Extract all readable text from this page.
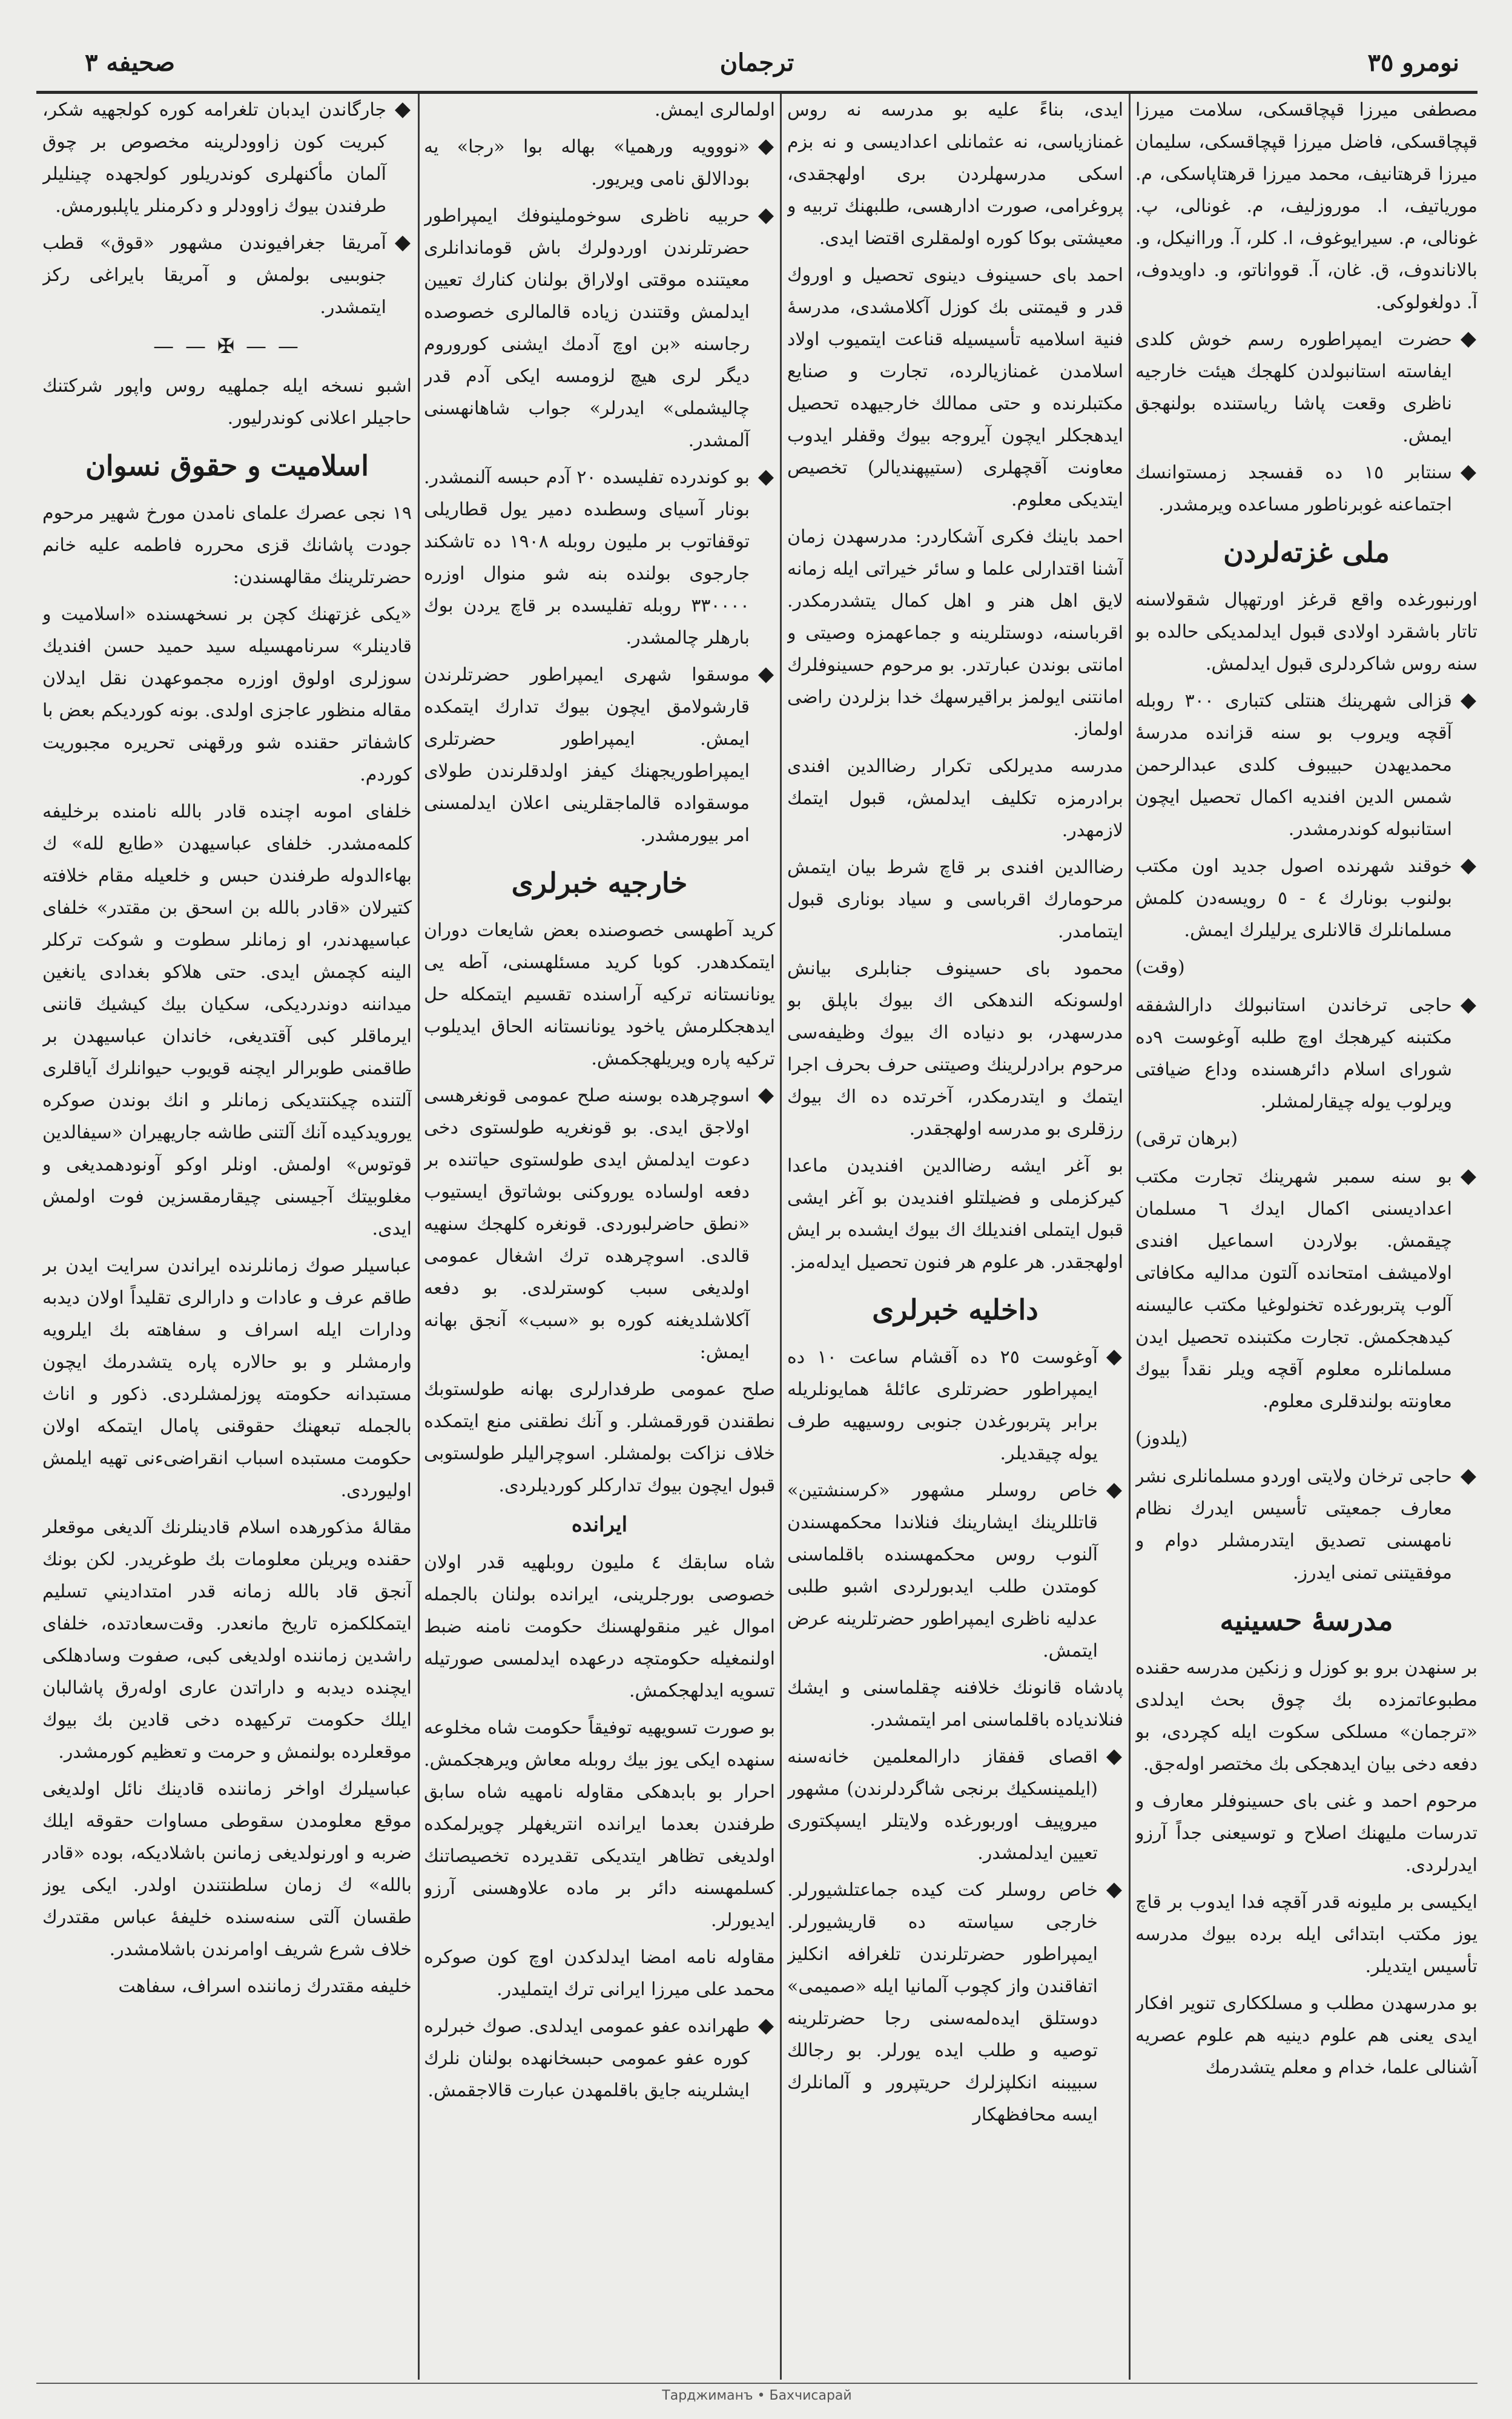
نومرو ٣٥
ترجمان
صحيفه ٣

مصطفى ميرزا قپچاقسكى، سلامت ميرزا قپچاقسكى، فاضل ميرزا قپچاقسكى، سليمان ميرزا قرهتانيف، محمد ميرزا قرهتاپاسكى، م. مورياتيف، ا. موروزليف، م. غونالى، پ. غونالى، م. سيرايوغوف، ا. كلر، آ. وراانيكل، و. بالاناندوف، ق. غان، آ. قوواناتو، و. داويدوف، آ. دولغولوكى.

◆
حضرت ايمپراطوره رسم خوش كلدى ايفاسته استانبولدن كلهجك هيئت خارجيه ناظرى وقعت پاشا رياستنده بولنهجق ايمش.

◆
سنتابر ١٥ ده قفسجد زمستوانسك اجتماعنه غوبرناطور مساعده ويرمشدر.

ملى غزتەلردن

اورنبورغده واقع قرغز اورتهپال شقولاسنه تاتار باشقرد اولادى قبول ايدلمديكى حالده بو سنه روس شاكردلرى قبول ايدلمش.

◆
قزالى شهرينك هنتلى كتبارى ٣٠٠ روبله آقچه ويروب بو سنه قزانده مدرسهٔ محمديهدن حبيبوف كلدى عبدالرحمن شمس الدين افنديه اكمال تحصيل ايچون استانبوله كوندرمشدر.

◆
خوقند شهرنده اصول جديد اون مكتب بولنوب بونارك ٤ - ٥ رويسەدن كلمش مسلمانلرك قالانلرى يرليلرك ايمش.

(وقت)

◆
حاجى ترخاندن استانبولك دارالشفقه مكتبنه كيرهجك اوچ طلبه آوغوست ٩ده شوراى اسلام دائرهسنده وداع ضيافتى ويرلوب يوله چيقارلمشلر.

(برهان ترقى)

◆
بو سنه سمبر شهرينك تجارت مكتب اعداديسنى اكمال ايدك ٦ مسلمان چيقمش. بولاردن اسماعيل افندى اولاميشف امتحانده آلتون مداليه مكافاتى آلوب پتربورغده تخنولوغيا مكتب عاليسنه كيدهجكمش. تجارت مكتبنده تحصيل ايدن مسلمانلره معلوم آقچه ويلر نقداً بيوك معاونته بولندقلرى معلوم.

(يلدوز)

◆
حاجى ترخان ولايتى اوردو مسلمانلرى نشر معارف جمعيتى تأسيس ايدرك نظام نامهسنى تصديق ايتدرمشلر دوام و موفقيتنى تمنى ايدرز.

مدرسهٔ حسينيه

بر سنهدن برو بو كوزل و زنكين مدرسه حقنده مطبوعاتمزده بك چوق بحث ايدلدى «ترجمان» مسلكى سكوت ايله كچردى، بو دفعه دخى بيان ايدهجكى بك مختصر اوله‌جق.

مرحوم احمد و غنى باى حسينوفلر معارف و تدرسات مليهنك اصلاح و توسيعنى جداً آرزو ايدرلردى.

ايكيسى بر مليونه قدر آقچه فدا ايدوب بر قاچ يوز مكتب ابتدائى ايله برده بيوك مدرسه تأسيس ايتديلر.

بو مدرسهدن مطلب و مسلككارى تنوير افكار ايدى يعنى هم علوم دينيه هم علوم عصريه آشنالى علما، خدام و معلم يتشدرمك

ايدى، بناءً عليه بو مدرسه نه روس غمنازياسى، نه عثمانلى اعداديسى و نه بزم اسكى مدرسهلردن برى اولهجقدى، پروغرامى، صورت ادارهسى، طلبهنك تربيه و معيشتى بوكا كوره اولمقلرى اقتضا ايدى.

احمد باى حسينوف دينوى تحصيل و اوروك قدر و قيمتنى بك كوزل آكلامشدى، مدرسهٔ فنية اسلاميه تأسيسيله قناعت ايتميوب اولاد اسلامدن غمنازيالرده، تجارت و صنايع مكتبلرنده و حتى ممالك خارجيهده تحصيل ايدهجكلر ايچون آيروجه بيوك وقفلر ايدوب معاونت آقچهلرى (ستيپهنديالر) تخصيص ايتديكى معلوم.

احمد باينك فكرى آشكاردر: مدرسهدن زمان آشنا اقتدارلى علما و سائر خيراتى ايله زمانه لايق اهل هنر و اهل كمال يتشدرمكدر. اقرباسنه، دوستلرينه و جماعهمزه وصيتى و امانتى بوندن عبارتدر. بو مرحوم حسينوفلرك امانتنى ايولمز براقيرسهك خدا بزلردن راضى اولماز.

مدرسه مديرلكى تكرار رضاالدين افندى برادرمزه تكليف ايدلمش، قبول ايتمك لازمهدر.

رضاالدين افندى بر قاچ شرط بيان ايتمش مرحومارك اقرباسى و سياد بونارى قبول ايتمامدر.

محمود باى حسينوف جنابلرى بيانش اولسونكه الندهكى اك بيوك باپلق بو مدرسهدر، بو دنيادە اك بيوك وظيفەسى مرحوم برادرلرينك وصيتنى حرف بحرف اجرا ايتمك و ايتدرمكدر، آخرتده ده اك بيوك رزقلرى بو مدرسه اولهجقدر.

بو آغر ايشه رضاالدين افنديدن ماعدا كيركزملى و فضيلتلو افنديدن بو آغر ايشى قبول ايتملى افنديلك اك بيوك ايشىده بر ايش اولهجقدر. هر علوم هر فنون تحصيل ايدلەمز.

داخليه خبرلرى

◆
آوغوست ٢٥ ده آقشام ساعت ١٠ ده ايمپراطور حضرتلرى عائلهٔ همايونلريله برابر پتربورغدن جنوبى روسيهيه طرف يوله چيقديلر.

◆
خاص روسلر مشهور «كرسنشتين» قاتللرينك ايشارينك فنلاندا محكمهسندن آلنوب روس محكمهسنده باقلماسنى كومتدن طلب ايدبورلردى اشبو طلبى عدليه ناظرى ايمپراطور حضرتلرينه عرض ايتمش.

پادشاه قانونك خلافنه چقلماسنى و ايشك فنلاندياده باقلماسنى امر ايتمشدر.

◆
اقصاى قفقاز دارالمعلمين خانەسنه (ايلمينسكيك برنجى شاگردلرندن) مشهور ميروپيف اوربورغده ولايتلر ايسپكتورى تعيين ايدلمشدر.

◆
خاص روسلر كت كيده جماعتلشيورلر. خارجى سياسته ده قاريشيورلر. ايمپراطور حضرتلرندن تلغرافه انكليز اتفاقندن واز كچوب آلمانيا ايله «صميمى» دوستلق ايده‌لمەسنى رجا حضرتلرينه توصيه و طلب ايده يورلر. بو رجالك سبيبنه انكلپزلرك حريتپرور و آلمانلرك ايسه محافظهكار

اولمالرى ايمش.

◆
«نووويه ورهميا» بهاله بوا «رجا» يه بودالالق نامى ويريور.

◆
حربيه ناظرى سوخوملينوفك ايمپراطور حضرتلرندن اوردولرك باش قوماندانلرى معيتنده موقتى اولاراق بولنان كنارك تعيين ايدلمش وقتندن زياده قالمالرى خصوصده رجاسنه «بن اوچ آدمك ايشنى كوروروم ديگر لرى هيچ لزومسه ايكى آدم قدر چاليشملى» ايدرلر» جواب شاهانهسنى آلمشدر.

◆
بو كوندرده تفليسده ٢٠ آدم حبسه آلنمشدر. بونار آسياى وسطىده دمير يول قطاريلى توقفاتوب بر مليون روبله ١٩٠٨ ده تاشكند جارجوى بولنده بنه شو منوال اوزره ٣٣٠٠٠٠ روبله تفليسده بر قاچ يردن بوك بارهلر چالمشدر.

◆
موسقوا شهرى ايمپراطور حضرتلرندن قارشولامق ايچون بيوك تدارك ايتمكده ايمش. ايمپراطور حضرتلرى ايمپراطوريجهنك كيفز اولدقلرندن طولاى موسقواده قالماجقلرينى اعلان ايدلمسنى امر بيورمشدر.

خارجيه خبرلرى

كريد آطهسى خصوصنده بعض شايعات دوران ايتمكدهدر. كوبا كريد مسئلهسنى، آطه يى يونانستانه تركيه آراسنده تقسيم ايتمكله حل ايدهجكلرمش ياخود يونانستانه الحاق ايديلوب تركيه پاره ويريلهجكمش.

◆
اسوچرهده بوسنه صلح عمومى قونغرهسى اولاجق ايدى. بو قونغريه طولستوى دخى دعوت ايدلمش ايدى طولستوى حياتنده بر دفعه اولساده يوروكنى بوشاتوق ايستيوب «نطق حاضرلبوردى. قونغره كلهجك سنهيه قالدى. اسوچرهده ترك اشغال عمومى اولديغى سبب كوسترلدى. بو دفعه آكلاشلديغنه كوره بو «سبب» آنجق بهانه ايمش:

صلح عمومى طرفدارلرى بهانه طولستوبك نطقندن قورقمشلر. و آنك نطقنى منع ايتمكده خلاف نزاكت بولمشلر. اسوچراليلر طولستوبى قبول ايچون بيوك تداركلر كورديلردى.

ايرانده

شاه سابقك ٤ مليون روبلهيه قدر اولان خصوصى بورجلرينى، ايرانده بولنان بالجمله اموال غير منقولهسنك حكومت نامنه ضبط اولنمغيله حكومتچه درعهده ايدلمسى صورتيله تسويه ايدلهجكمش.

بو صورت تسويهيه توفيقاً حكومت شاه مخلوعه سنهده ايكى يوز بيك روبله معاش ويرهجكمش. احرار بو بابدهكى مقاوله نامهيه شاه سابق طرفندن بعدما ايرانده انتريغهلر چويرلمكده اولديغى تظاهر ايتديكى تقديرده تخصيصاتنك كسلمهسنه دائر بر ماده علاوهسنى آرزو ايديورلر.

مقاوله نامه امضا ايدلدكدن اوچ كون صوكره محمد على ميرزا ايرانى ترك ايتمليدر.

◆
طهرانده عفو عمومى ايدلدى. صوك خبرلره كوره عفو عمومى حبسخانهده بولنان نلرك ايشلرينه جايق باقلمهدن عبارت قالاجقمش.

◆
جارگاندن ايدبان تلغرامه كوره كولجهيه شكر، كبريت كون زاوودلرينه مخصوص بر چوق آلمان مأكنهلرى كوندريلور كولجهده چينليلر طرفندن بيوك زاوودلر و دكرمنلر ياپلبورمش.

◆
آمريقا جغرافيوندن مشهور «قوق» قطب جنوبىيى بولمش و آمريقا بايراغى ركز ايتمشدر.

— — ✠ — —

اشبو نسخه ايله جملهيه روس واپور شركتنك حاجيلر اعلانى كوندرليور.

اسلاميت و حقوق نسوان

١٩ نجى عصرك علماى نامدن مورخ شهير مرحوم جودت پاشانك قزى محرره فاطمه عليه خانم حضرتلرينك مقالهسندن:

«يكى غزتهنك كچن بر نسخهسنده «اسلاميت و قادينلر» سرنامهسيله سيد حميد حسن افنديك سوزلرى اولوق اوزره مجموعهدن نقل ايدلان مقاله منظور عاجزى اولدى. بونه كورديكم بعض با كاشفاتر حقنده شو ورقهنى تحريره مجبوريت كوردم.

خلفاى اموىه اچنده قادر بالله نامنده برخليفه كلمەمشدر. خلفاى عباسيهدن «طايع لله» ك بهاءالدولە طرفندن حبس و خلعيله مقام خلافته كتيرلان «قادر بالله بن اسحق بن مقتدر» خلفاى عباسيهدندر، او زمانلر سطوت و شوكت تركلر الينه كچمش ايدى. حتى هلاكو بغدادى يانغين ميداننه دوندرديكى، سكيان بيك كيشيك قاننى ايرماقلر كبى آقتديغى، خاندان عباسيهدن بر طاقمنى طوبرالر ايچنه قويوب حيوانلرك آياقلرى آلتنده چيكنتديكى زمانلر و انك بوندن صوكره يورويدكيده آنك آلتنى طاشه جاريهيران «سيفالدين قوتوس» اولمش. اونلر اوكو آونودهمديغى و مغلوبيتك آجيسنى چيقارمقسزين فوت اولمش ايدى.

عباسيلر صوك زمانلرنده ايراندن سرايت ايدن بر طاقم عرف و عادات و دارالرى تقليداً اولان ديدبه ودارات ايله اسراف و سفاهته بك ايلرويه وارمشلر و بو حالاره پاره يتشدرمك ايچون مستبدانه حكومته پوزلمشلردى. ذكور و اناث بالجمله تبعهنك حقوقنى پامال ايتمكه اولان حكومت مستبده اسباب انقراضىءنى تهيه ايلمش اوليوردى.

مقالهٔ مذكورهده اسلام قادينلرنك آلديغى موقعلر حقنده ويريلن معلومات بك طوغريدر. لكن بونك آنجق قاد بالله زمانه قدر امتداديني تسليم ايتمكلكمزه تاريخ مانعدر. وقت‌سعادتده، خلفاى راشدين زماننده اولديغى كبى، صفوت وسادهلكى ايچنده ديدبه و داراتدن عارى اوله‌رق پاشالبان ايلك حكومت تركيهده دخى قادين بك بيوك موقعلرده بولنمش و حرمت و تعظيم كورمشدر.

عباسيلرك اواخر زماننده قادينك نائل اولديغى موقع معلومدن سقوطى مساوات حقوقه ايلك ضربه و اورنولديغى زمانىن باشلاديكه، بوده «قادر بالله» ك زمان سلطنتندن اولدر. ايكى يوز طقسان آلتى سنه‌سنده خليفهٔ عباس مقتدرك خلاف شرع شريف اوامرندن باشلامشدر.

خليفه مقتدرك زماننده اسراف، سفاهت

Тарджиманъ • Бахчисарай
